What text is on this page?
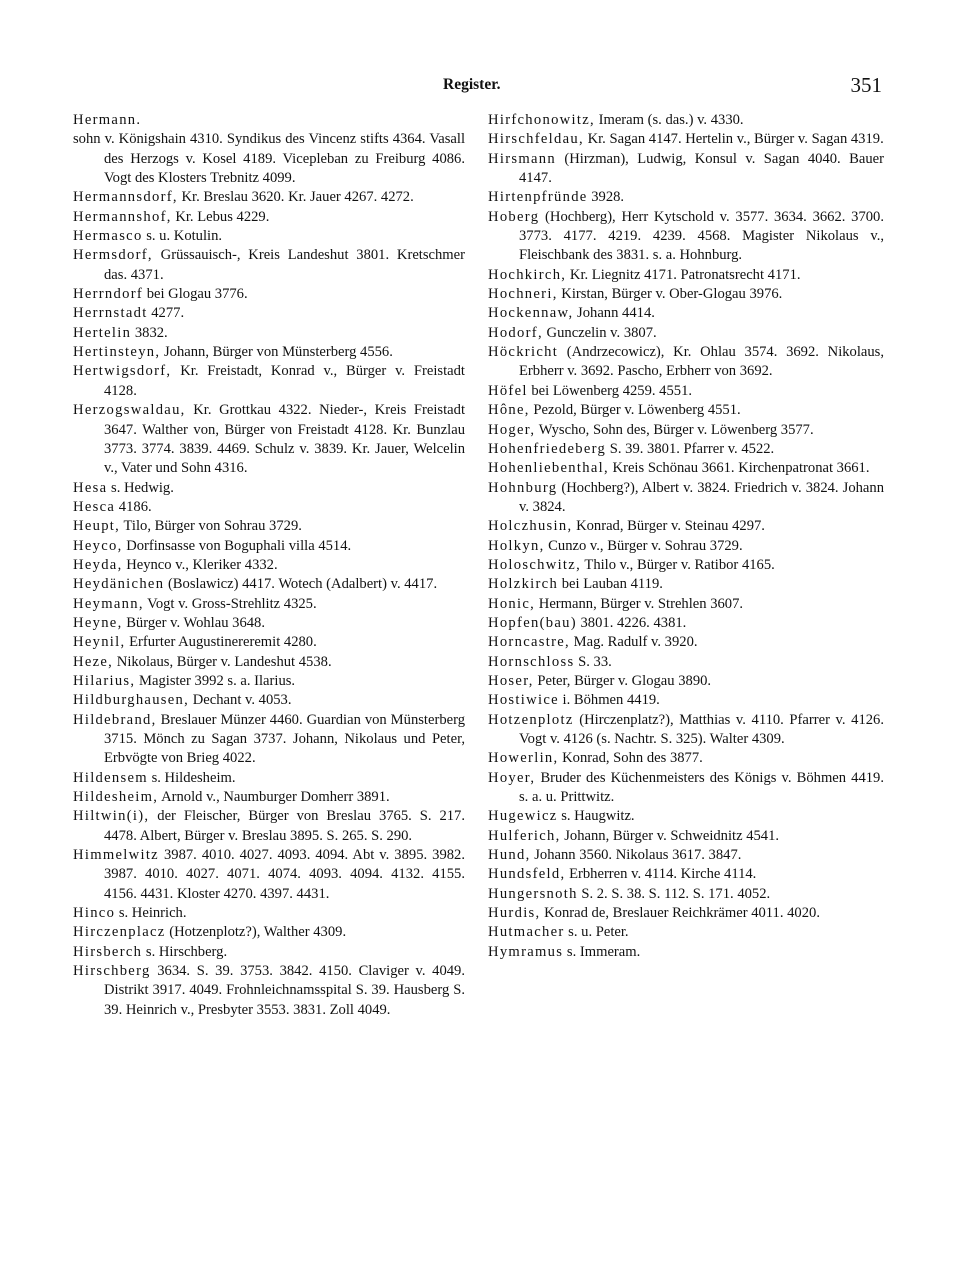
Register.	351
Hermann.
sohn v. Königshain 4310. Syndikus des Vincenz stifts 4364. Vasall des Herzogs v. Kosel 4189. Vicepleban zu Freiburg 4086. Vogt des Klosters Trebnitz 4099.
Hermannsdorf, Kr. Breslau 3620. Kr. Jauer 4267. 4272.
Hermannshof, Kr. Lebus 4229.
Hermasco s. u. Kotulin.
Hermsdorf, Grüssauisch-, Kreis Landeshut 3801. Kretschmer das. 4371.
Herrndorf bei Glogau 3776.
Herrnstadt 4277.
Hertelin 3832.
Hertinsteyn, Johann, Bürger von Münsterberg 4556.
Hertwigsdorf, Kr. Freistadt, Konrad v., Bürger v. Freistadt 4128.
Herzogswaldau, Kr. Grottkau 4322. Nieder-, Kreis Freistadt 3647. Walther von, Bürger von Freistadt 4128. Kr. Bunzlau 3773. 3774. 3839. 4469. Schulz v. 3839. Kr. Jauer, Welcelin v., Vater und Sohn 4316.
Hesa s. Hedwig.
Hesca 4186.
Heupt, Tilo, Bürger von Sohrau 3729.
Heyco, Dorfinsasse von Boguphali villa 4514.
Heyda, Heynco v., Kleriker 4332.
Heydänichen (Boslawicz) 4417. Wotech (Adalbert) v. 4417.
Heymann, Vogt v. Gross-Strehlitz 4325.
Heyne, Bürger v. Wohlau 3648.
Heynil, Erfurter Augustinereremit 4280.
Heze, Nikolaus, Bürger v. Landeshut 4538.
Hilarius, Magister 3992 s. a. Ilarius.
Hildburghausen, Dechant v. 4053.
Hildebrand, Breslauer Münzer 4460. Guardian von Münsterberg 3715. Mönch zu Sagan 3737. Johann, Nikolaus und Peter, Erbvögte von Brieg 4022.
Hildensem s. Hildesheim.
Hildesheim, Arnold v., Naumburger Domherr 3891.
Hiltwin(i), der Fleischer, Bürger von Breslau 3765. S. 217. 4478. Albert, Bürger v. Breslau 3895. S. 265. S. 290.
Himmelwitz 3987. 4010. 4027. 4093. 4094. Abt v. 3895. 3982. 3987. 4010. 4027. 4071. 4074. 4093. 4094. 4132. 4155. 4156. 4431. Kloster 4270. 4397. 4431.
Hinco s. Heinrich.
Hirczenplacz (Hotzenplotz?), Walther 4309.
Hirsberch s. Hirschberg.
Hirschberg 3634. S. 39. 3753. 3842. 4150. Claviger v. 4049. Distrikt 3917. 4049. Frohnleichnamsspital S. 39. Hausberg S. 39. Heinrich v., Presbyter 3553. 3831. Zoll 4049.
Hirfchonowitz, Imeram (s. das.) v. 4330.
Hirschfeldau, Kr. Sagan 4147. Hertelin v., Bürger v. Sagan 4319.
Hirsmann (Hirzman), Ludwig, Konsul v. Sagan 4040. Bauer 4147.
Hirtenpfründe 3928.
Hoberg (Hochberg), Herr Kytschold v. 3577. 3634. 3662. 3700. 3773. 4177. 4219. 4239. 4568. Magister Nikolaus v., Fleischbank des 3831. s. a. Hohnburg.
Hochkirch, Kr. Liegnitz 4171. Patronatsrecht 4171.
Hochneri, Kirstan, Bürger v. Ober-Glogau 3976.
Hockennaw, Johann 4414.
Hodorf, Gunczelin v. 3807.
Höckricht (Andrzecowicz), Kr. Ohlau 3574. 3692. Nikolaus, Erbherr v. 3692. Pascho, Erbherr von 3692.
Höfel bei Löwenberg 4259. 4551.
Hône, Pezold, Bürger v. Löwenberg 4551.
Hoger, Wyscho, Sohn des, Bürger v. Löwenberg 3577.
Hohenfriedeberg S. 39. 3801. Pfarrer v. 4522.
Hohenliebenthal, Kreis Schönau 3661. Kirchenpatronat 3661.
Hohnburg (Hochberg?), Albert v. 3824. Friedrich v. 3824. Johann v. 3824.
Holczhusin, Konrad, Bürger v. Steinau 4297.
Holkyn, Cunzo v., Bürger v. Sohrau 3729.
Holoschwitz, Thilo v., Bürger v. Ratibor 4165.
Holzkirch bei Lauban 4119.
Honic, Hermann, Bürger v. Strehlen 3607.
Hopfen(bau) 3801. 4226. 4381.
Horncastre, Mag. Radulf v. 3920.
Hornschloss S. 33.
Hoser, Peter, Bürger v. Glogau 3890.
Hostiwice i. Böhmen 4419.
Hotzenplotz (Hirczenplatz?), Matthias v. 4110. Pfarrer v. 4126. Vogt v. 4126 (s. Nachtr. S. 325). Walter 4309.
Howerlin, Konrad, Sohn des 3877.
Hoyer, Bruder des Küchenmeisters des Königs v. Böhmen 4419. s. a. u. Prittwitz.
Hugewicz s. Haugwitz.
Hulferich, Johann, Bürger v. Schweidnitz 4541.
Hund, Johann 3560. Nikolaus 3617. 3847.
Hundsfeld, Erbherren v. 4114. Kirche 4114.
Hungersnoth S. 2. S. 38. S. 112. S. 171. 4052.
Hurdis, Konrad de, Breslauer Reichkrämer 4011. 4020.
Hutmacher s. u. Peter.
Hymramus s. Immeram.
